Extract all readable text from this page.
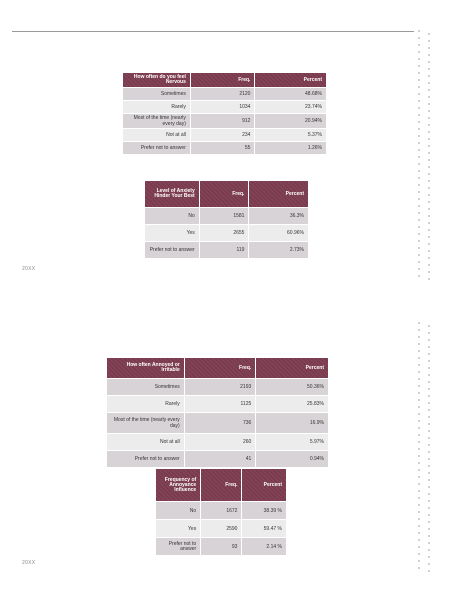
How often do you feel Nervous	Freq.	Percent
Sometimes	2120	48.68%
Rarely	1034	23.74%
Most of the time (nearly every day)	912	20.94%
Not at all	234	5.37%
Prefer not to answer	55	1.26%
Level of Anxiety Hinder Your Best	Freq.	Percent
No	1581	36.3%
Yes	2655	60.96%
Prefer not to answer	119	2.73%
20XX
How often Annoyed or Irritable	Freq.	Percent
Sometimes	2193	50.36%
Rarely	1125	25.83%
Most of the time (nearly every day)	736	16.9%
Not at all	260	5.97%
Prefer not to answer	41	0.94%
Frequency of Annoyance Influence	Freq.	Percent
No	1672	38.39 %
Yes	2590	59.47 %
Prefer not to answer	93	2.14 %
20XX
